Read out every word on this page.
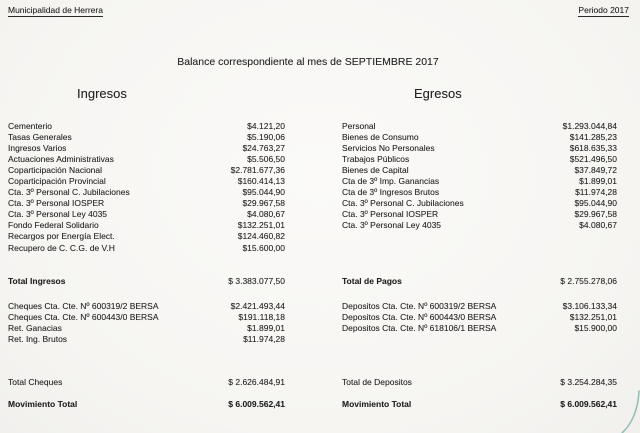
Municipalidad de Herrera	Periodo 2017
Balance correspondiente al mes de SEPTIEMBRE 2017
Ingresos	Egresos
Cementerio	$4.121,20
Tasas Generales	$5.190,06
Ingresos Varios	$24.763,27
Actuaciones Administrativas	$5.506,50
Coparticipación Nacional	$2.781.677,36
Coparticipación Provincial	$160.414,13
Cta. 3º Personal C. Jubilaciones	$95.044,90
Cta. 3º Personal IOSPER	$29.967,58
Cta. 3º Personal Ley 4035	$4.080,67
Fondo Federal Solidario	$132.251,01
Recargos por Energía Elect.	$124.460,82
Recupero de C. C.G. de V.H	$15.600,00
Personal	$1.293.044,84
Bienes de Consumo	$141.285,23
Servicios No Personales	$618.635,33
Trabajos Públicos	$521.496,50
Bienes de Capital	$37.849,72
Cta de 3º Imp. Ganancias	$1.899,01
Cta de 3º Ingresos Brutos	$11.974,28
Cta. 3º Personal C. Jubilaciones	$95.044,90
Cta. 3º Personal IOSPER	$29.967,58
Cta. 3º Personal Ley 4035	$4.080,67
Total Ingresos	$ 3.383.077,50	Total de Pagos	$ 2.755.278,06
Cheques Cta. Cte. Nº 600319/2 BERSA	$2.421.493,44
Cheques Cta. Cte. Nº 600443/0 BERSA	$191.118,18
Ret. Ganacias	$1.899,01
Ret. Ing. Brutos	$11.974,28
Depositos Cta. Cte. Nº 600319/2 BERSA	$3.106.133,34
Depositos Cta. Cte. Nº 600443/0 BERSA	$132.251,01
Depositos Cta. Cte. Nº 618106/1 BERSA	$15.900,00
Total Cheques	$ 2.626.484,91	Total de Depositos	$ 3.254.284,35
Movimiento Total	$ 6.009.562,41	Movimiento Total	$ 6.009.562,41
